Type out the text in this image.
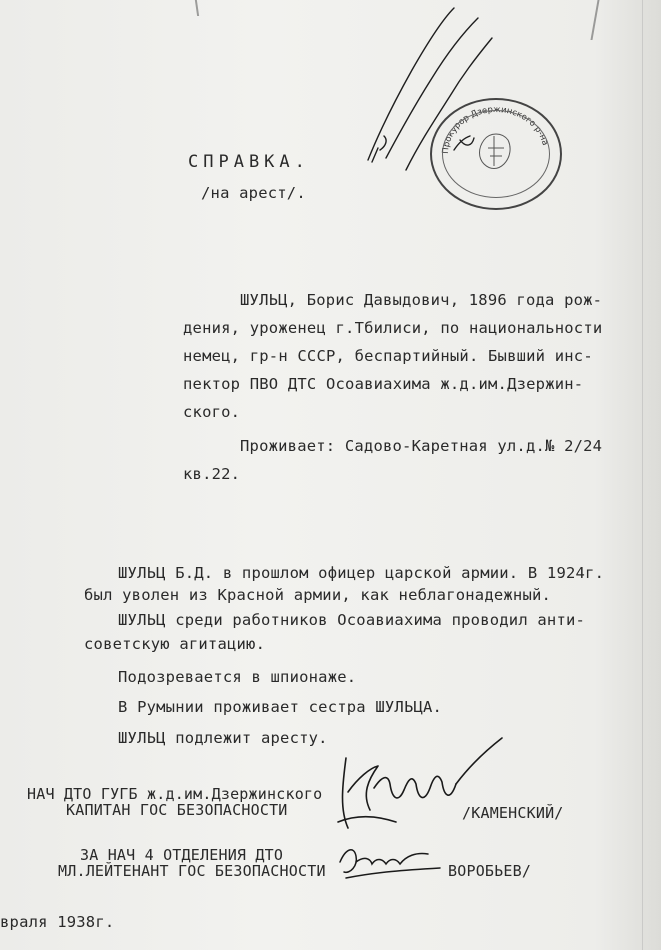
СПРАВКА.
/на арест/.
Прокурор Дзержинского р-на
ШУЛЬЦ, Борис Давыдович, 1896 года рож-
дения, уроженец г.Тбилиси, по национальности
немец, гр-н СССР, беспартийный. Бывший инс-
пектор ПВО ДТС Осоавиахима ж.д.им.Дзержин-
ского.
Проживает: Садово-Каретная ул.д.№ 2/24
кв.22.
ШУЛЬЦ Б.Д. в прошлом офицер царской армии. В 1924г.
был уволен из Красной армии, как неблагонадежный.
ШУЛЬЦ среди работников Осоавиахима проводил анти-
советскую агитацию.
Подозревается в шпионаже.
В Румынии проживает сестра ШУЛЬЦА.
ШУЛЬЦ подлежит аресту.
НАЧ ДТО ГУГБ ж.д.им.Дзержинского
КАПИТАН ГОС БЕЗОПАСНОСТИ	/КАМЕНСКИЙ/
ЗА НАЧ 4 ОТДЕЛЕНИЯ ДТО
МЛ.ЛЕЙТЕНАНТ ГОС БЕЗОПАСНОСТИ	ВОРОБЬЕВ/
враля 1938г.
